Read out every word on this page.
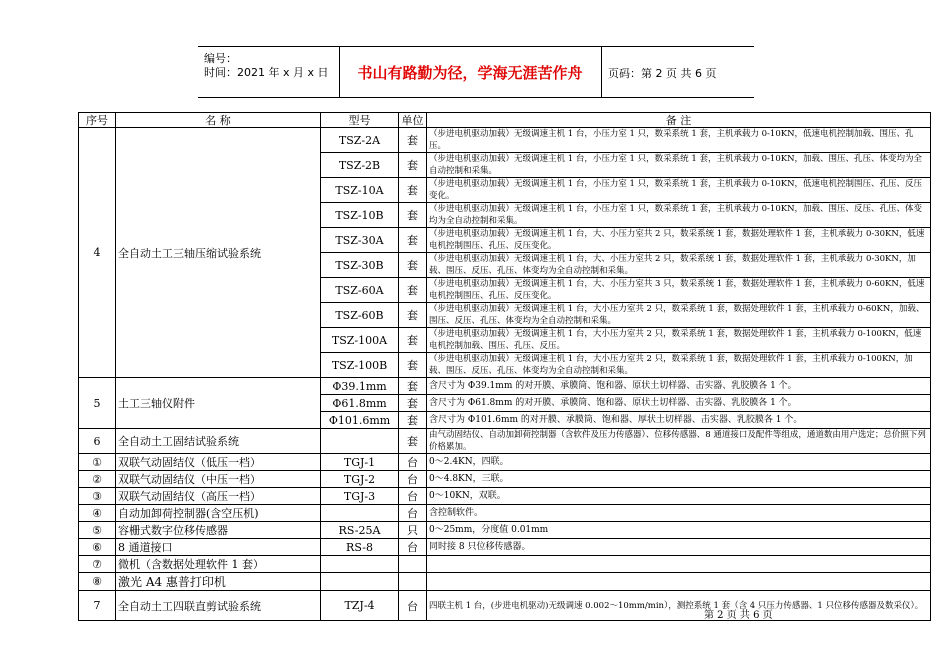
编号：
时间：2021 年 x 月 x 日	书山有路勤为径，学海无涯苦作舟	页码：第 2 页 共 6 页
序号	名 称	型号	单位	备 注
4	全自动土工三轴压缩试验系统	TSZ-2A	套	（步进电机驱动加载）无级调速主机 1 台，小压力室 1 只，数采系统 1 套，主机承载力 0-10KN，低速电机控制加载、围压、孔压。
		TSZ-2B	套	（步进电机驱动加载）无级调速主机 1 台，小压力室 1 只，数采系统 1 套，主机承载力 0-10KN，加载、围压、孔压、体变均为全自动控制和采集。
		TSZ-10A	套	（步进电机驱动加载）无级调速主机 1 台，小压力室 1 只，数采系统 1 套，主机承载力 0-10KN，低速电机控制围压、孔压、反压变化。
		TSZ-10B	套	（步进电机驱动加载）无级调速主机 1 台，小压力室 1 只，数采系统 1 套，主机承载力 0-10KN，加载、围压、反压、孔压、体变均为全自动控制和采集。
		TSZ-30A	套	（步进电机驱动加载）无级调速主机 1 台，大、小压力室共 2 只，数采系统 1 套，数据处理软件 1 套，主机承载力 0-30KN，低速电机控制围压、孔压、反压变化。
		TSZ-30B	套	（步进电机驱动加载）无级调速主机 1 台，大、小压力室共 2 只，数采系统 1 套，数据处理软件 1 套，主机承载力 0-30KN，加载、围压、反压、孔压、体变均为全自动控制和采集。
		TSZ-60A	套	（步进电机驱动加载）无级调速主机 1 台，大、小压力室共 3 只，数采系统 1 套，数据处理软件 1 套，主机承载力 0-60KN，低速电机控制围压、孔压、反压变化。
		TSZ-60B	套	（步进电机驱动加载）无级调速主机 1 台，大小压力室共 2 只，数采系统 1 套，数据处理软件 1 套，主机承载力 0-60KN，加载、围压、反压、孔压、体变均为全自动控制和采集。
		TSZ-100A	套	（步进电机驱动加载）无级调速主机 1 台，大小压力室共 2 只，数采系统 1 套，数据处理软件 1 套，主机承载力 0-100KN，低速电机控制加载、围压、孔压、反压。
		TSZ-100B	套	（步进电机驱动加载）无级调速主机 1 台，大小压力室共 2 只，数采系统 1 套，数据处理软件 1 套，主机承载力 0-100KN，加载、围压、反压、孔压、体变均为全自动控制和采集。
5	土工三轴仪附件	Φ39.1mm	套	含尺寸为 Φ39.1mm 的对开膜、承膜筒、饱和器、原状土切样器、击实器、乳胶膜各 1 个。
		Φ61.8mm	套	含尺寸为 Φ61.8mm 的对开膜、承膜筒、饱和器、原状土切样器、击实器、乳胶膜各 1 个。
		Φ101.6mm	套	含尺寸为 Φ101.6mm 的对开膜、承膜筒、饱和器、厚状土切样器、击实器、乳胶膜各 1 个。
6	全自动土工固结试验系统		套	由气动固结仪、自动加卸荷控制器（含软件及压力传感器）、位移传感器、8 通道接口及配件等组成，通道数由用户选定；总价照下列价格累加。
①	双联气动固结仪（低压一档）	TGJ-1	台	0～2.4KN，四联。
②	双联气动固结仪（中压一档）	TGJ-2	台	0～4.8KN，三联。
③	双联气动固结仪（高压一档）	TGJ-3	台	0～10KN，双联。
④	自动加卸荷控制器(含空压机)		台	含控制软件。
⑤	容栅式数字位移传感器	RS-25A	只	0～25mm，分度值 0.01mm
⑥	8 通道接口	RS-8	台	同时接 8 只位移传感器。
⑦	微机（含数据处理软件 1 套）			
⑧	激光 A4 惠普打印机			
7	全自动土工四联直剪试验系统	TZJ-4	台	四联主机 1 台，(步进电机驱动)无级调速 0.002～10mm/min），测控系统 1 套（含 4 只压力传感器、1 只位移传感器及数采仪）。
第 2 页 共 6 页
